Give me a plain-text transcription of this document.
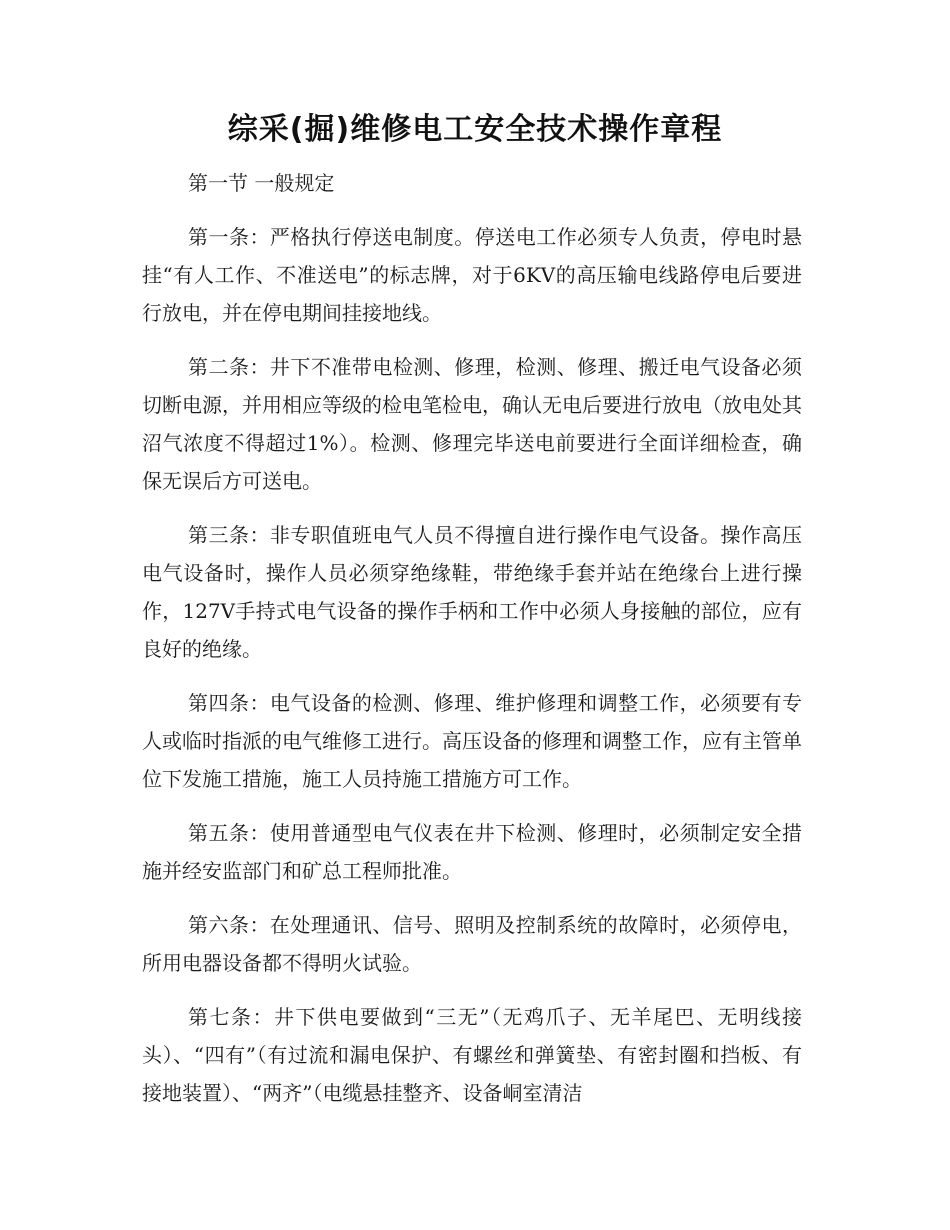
综采(掘)维修电工安全技术操作章程

第一节 一般规定

第一条：严格执行停送电制度。停送电工作必须专人负责，停电时悬挂“有人工作、不准送电”的标志牌，对于6KV的高压输电线路停电后要进行放电，并在停电期间挂接地线。

第二条：井下不准带电检测、修理，检测、修理、搬迁电气设备必须切断电源，并用相应等级的检电笔检电，确认无电后要进行放电（放电处其沼气浓度不得超过1%）。检测、修理完毕送电前要进行全面详细检查，确保无误后方可送电。

第三条：非专职值班电气人员不得擅自进行操作电气设备。操作高压电气设备时，操作人员必须穿绝缘鞋，带绝缘手套并站在绝缘台上进行操作，127V手持式电气设备的操作手柄和工作中必须人身接触的部位，应有良好的绝缘。

第四条：电气设备的检测、修理、维护修理和调整工作，必须要有专人或临时指派的电气维修工进行。高压设备的修理和调整工作，应有主管单位下发施工措施，施工人员持施工措施方可工作。

第五条：使用普通型电气仪表在井下检测、修理时，必须制定安全措施并经安监部门和矿总工程师批准。

第六条：在处理通讯、信号、照明及控制系统的故障时，必须停电，所用电器设备都不得明火试验。

第七条：井下供电要做到“三无”（无鸡爪子、无羊尾巴、无明线接头）、“四有”（有过流和漏电保护、有螺丝和弹簧垫、有密封圈和挡板、有接地装置）、“两齐”（电缆悬挂整齐、设备峒室清洁
